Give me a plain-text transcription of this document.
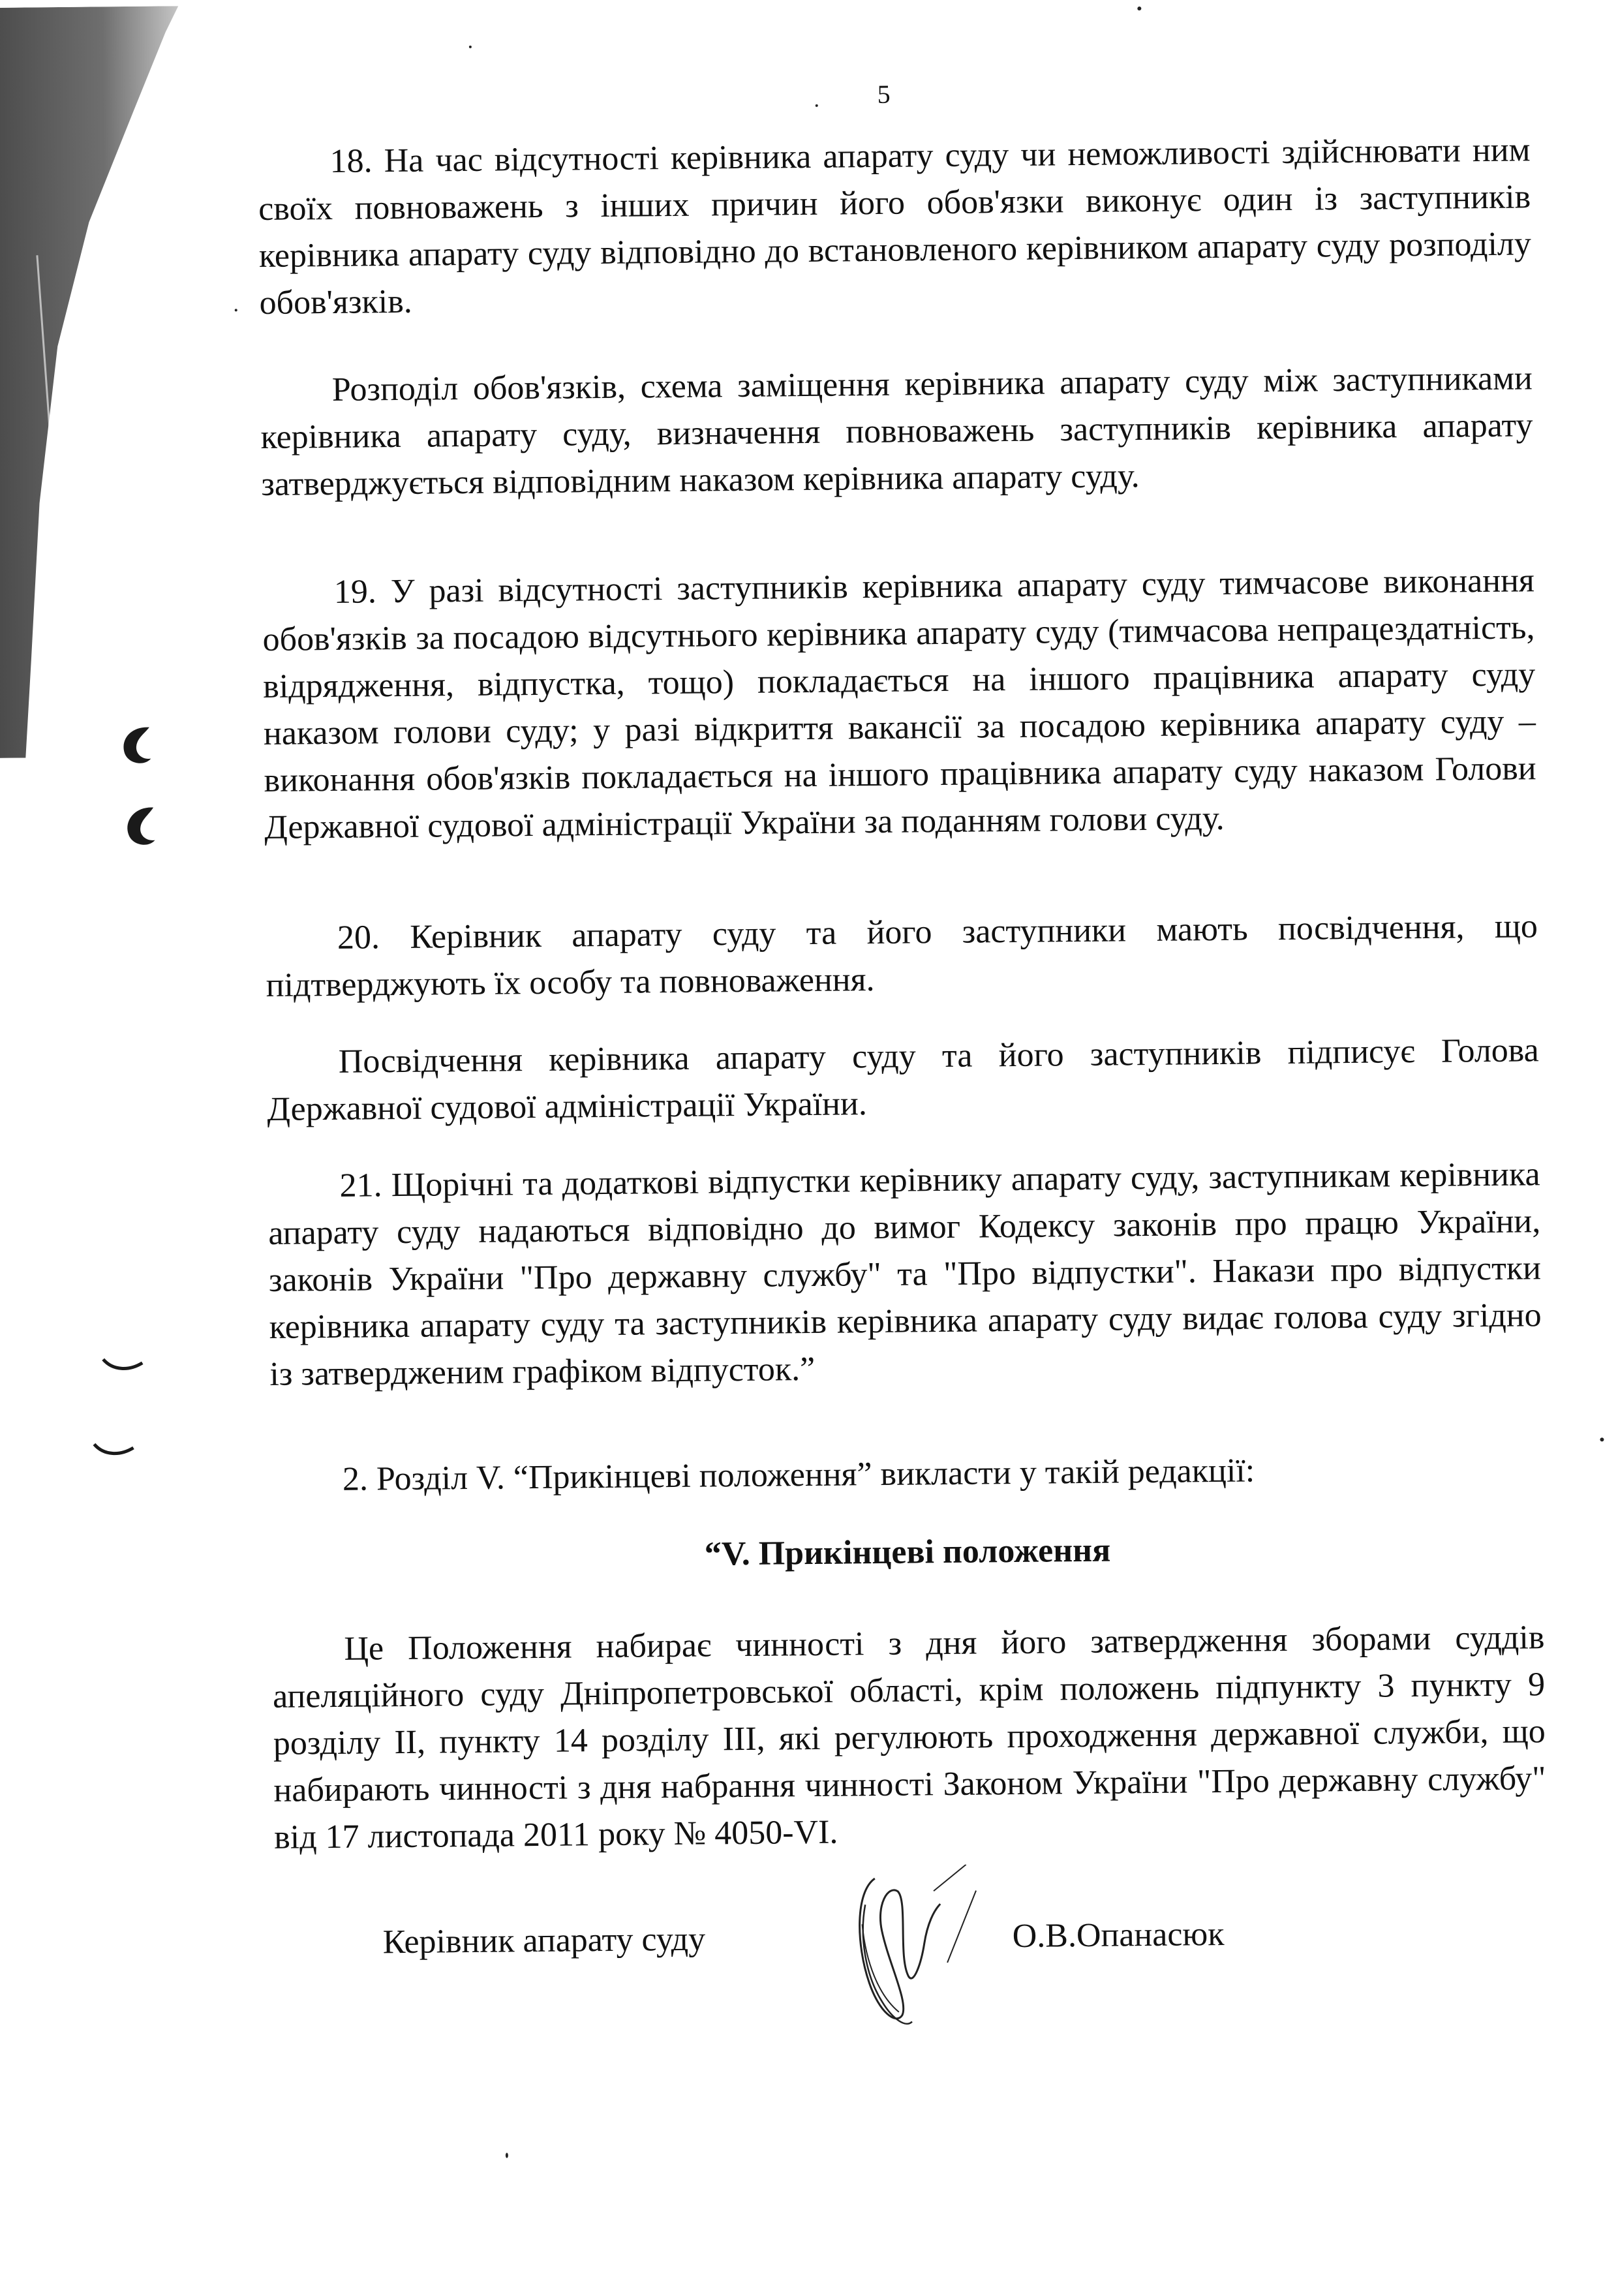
5

18. На час відсутності керівника апарату суду чи неможливості здійснювати ним своїх повноважень з інших причин його обов'язки виконує один із заступників керівника апарату суду відповідно до встановленого керівником апарату суду розподілу обов'язків.

Розподіл обов'язків, схема заміщення керівника апарату суду між заступниками керівника апарату суду, визначення повноважень заступників керівника апарату затверджується відповідним наказом керівника апарату суду.

19. У разі відсутності заступників керівника апарату суду тимчасове виконання обов'язків за посадою відсутнього керівника апарату суду (тимчасова непрацездатність, відрядження, відпустка, тощо) покладається на іншого працівника апарату суду наказом голови суду; у разі відкриття вакансії за посадою керівника апарату суду – виконання обов'язків покладається на іншого працівника апарату суду наказом Голови Державної судової адміністрації України за поданням голови суду.

20. Керівник апарату суду та його заступники мають посвідчення, що підтверджують їх особу та повноваження.

Посвідчення керівника апарату суду та його заступників підписує Голова Державної судової адміністрації України.

21. Щорічні та додаткові відпустки керівнику апарату суду, заступникам керівника апарату суду надаються відповідно до вимог Кодексу законів про працю України, законів України "Про державну службу" та "Про відпустки". Накази про відпустки керівника апарату суду та заступників керівника апарату суду видає голова суду згідно із затвердженим графіком відпусток.”

2. Розділ V. “Прикінцеві положення” викласти у такій редакції:

“V. Прикінцеві положення

Це Положення набирає чинності з дня його затвердження зборами суддів апеляційного суду Дніпропетровської області, крім положень підпункту 3 пункту 9 розділу II, пункту 14 розділу III, які регулюють проходження державної служби, що набирають чинності з дня набрання чинності Законом України "Про державну службу" від 17 листопада 2011 року № 4050-VI.

Керівник апарату суду	О.В.Опанасюк
